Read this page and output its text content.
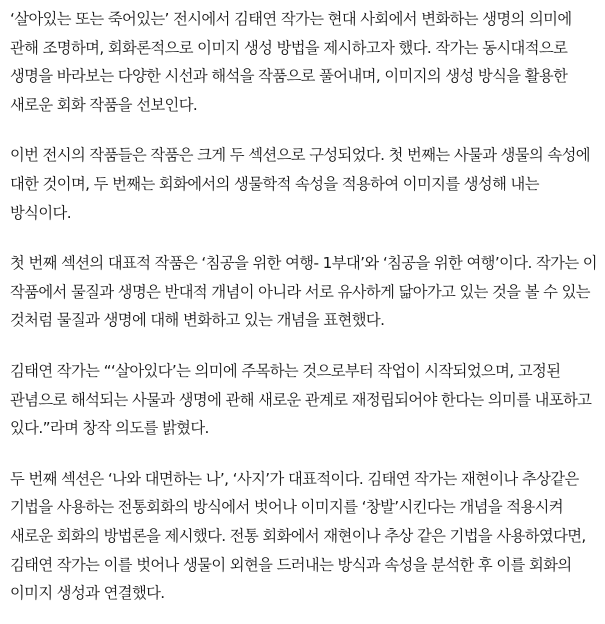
‘살아있는 또는 죽어있는’ 전시에서 김태연 작가는 현대 사회에서 변화하는 생명의 의미에 관해 조명하며, 회화론적으로 이미지 생성 방법을 제시하고자 했다. 작가는 동시대적으로 생명을 바라보는 다양한 시선과 해석을 작품으로 풀어내며, 이미지의 생성 방식을 활용한 새로운 회화 작품을 선보인다.

이번 전시의 작품들은 작품은 크게 두 섹션으로 구성되었다. 첫 번째는 사물과 생물의 속성에 대한 것이며, 두 번째는 회화에서의 생물학적 속성을 적용하여 이미지를 생성해 내는 방식이다.

첫 번째 섹션의 대표적 작품은 ‘침공을 위한 여행- 1부대’와 ‘침공을 위한 여행’이다. 작가는 이 작품에서 물질과 생명은 반대적 개념이 아니라 서로 유사하게 닮아가고 있는 것을 볼 수 있는 것처럼 물질과 생명에 대해 변화하고 있는 개념을 표현했다.

김태연 작가는 “‘살아있다’는 의미에 주목하는 것으로부터 작업이 시작되었으며, 고정된 관념으로 해석되는 사물과 생명에 관해 새로운 관계로 재정립되어야 한다는 의미를 내포하고 있다.”라며 창작 의도를 밝혔다.

두 번째 섹션은 ‘나와 대면하는 나’, ‘사지’가 대표적이다. 김태연 작가는 재현이나 추상같은 기법을 사용하는 전통회화의 방식에서 벗어나 이미지를 ‘창발’시킨다는 개념을 적용시켜 새로운 회화의 방법론을 제시했다. 전통 회화에서 재현이나 추상 같은 기법을 사용하였다면, 김태연 작가는 이를 벗어나 생물이 외현을 드러내는 방식과 속성을 분석한 후 이를 회화의 이미지 생성과 연결했다.
